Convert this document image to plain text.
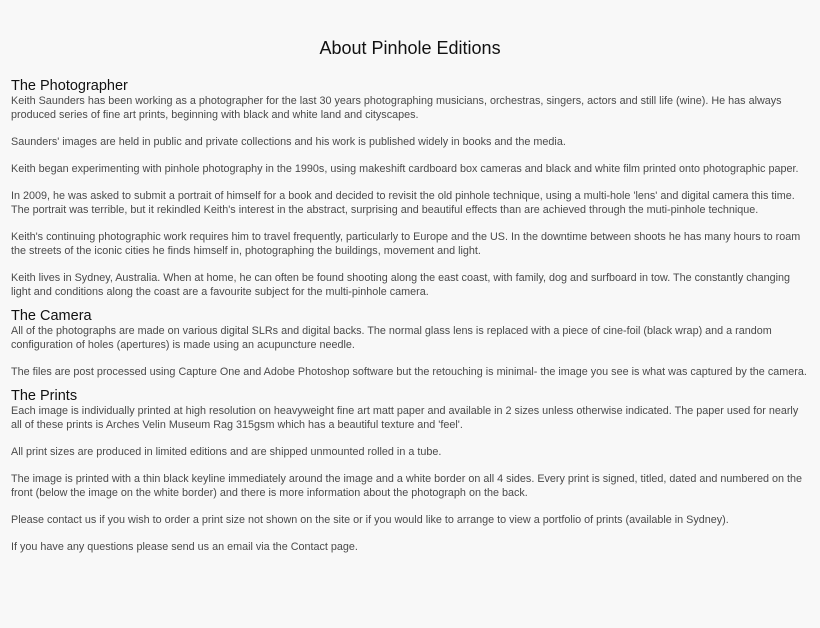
About Pinhole Editions
The Photographer

Keith Saunders has been working as a photographer for the last 30 years photographing musicians, orchestras, singers, actors and still life (wine). He has always produced series of fine art prints, beginning with black and white land and cityscapes.

Saunders' images are held in public and private collections and his work is published widely in books and the media.

Keith began experimenting with pinhole photography in the 1990s, using makeshift cardboard box cameras and black and white film printed onto photographic paper.

In 2009, he was asked to submit a portrait of himself for a book and decided to revisit the old pinhole technique, using a multi-hole 'lens' and digital camera this time. The portrait was terrible, but it rekindled Keith's interest in the abstract, surprising and beautiful effects than are achieved through the muti-pinhole technique.

Keith's continuing photographic work requires him to travel frequently, particularly to Europe and the US. In the downtime between shoots he has many hours to roam the streets of the iconic cities he finds himself in, photographing the buildings, movement and light.

Keith lives in Sydney, Australia. When at home, he can often be found shooting along the east coast, with family, dog and surfboard in tow. The constantly changing light and conditions along the coast are a favourite subject for the multi-pinhole camera.

The Camera

All of the photographs are made on various digital SLRs and digital backs. The normal glass lens is replaced with a piece of cine-foil (black wrap) and a random configuration of holes (apertures) is made using an acupuncture needle.

The files are post processed using Capture One and Adobe Photoshop software but the retouching is minimal- the image you see is what was captured by the camera.

The Prints

Each image is individually printed at high resolution on heavyweight fine art matt paper and available in 2 sizes unless otherwise indicated. The paper used for nearly all of these prints is Arches Velin Museum Rag 315gsm which has a beautiful texture and 'feel'.

All print sizes are produced in limited editions and are shipped unmounted rolled in a tube.

The image is printed with a thin black keyline immediately around the image and a white border on all 4 sides. Every print is signed, titled, dated and numbered on the front (below the image on the white border) and there is more information about the photograph on the back.

Please contact us if you wish to order a print size not shown on the site or if you would like to arrange to view a portfolio of prints (available in Sydney).

If you have any questions please send us an email via the Contact page.
